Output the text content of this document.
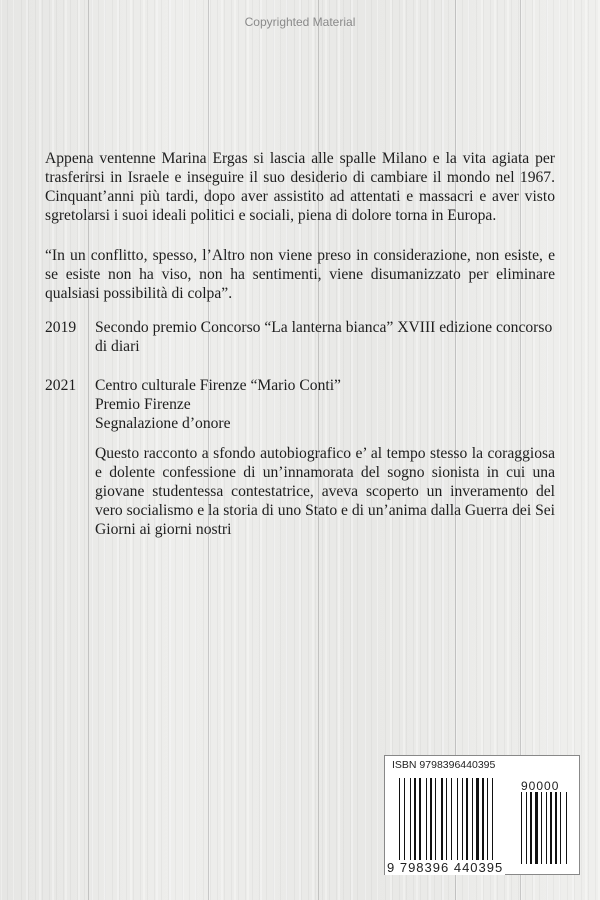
Copyrighted Material
Appena ventenne Marina Ergas si lascia alle spalle Milano e la vita agiata per trasferirsi in Israele e inseguire il suo desiderio di cambiare il mondo nel 1967. Cinquant’anni più tardi, dopo aver assistito ad attentati e massacri e aver visto sgretolarsi i suoi ideali politici e sociali, piena di dolore torna in Europa.
“In un conflitto, spesso, l’Altro non viene preso in considerazione, non esiste, e se esiste non ha viso, non ha sentimenti, viene disumanizzato per eliminare qualsiasi possibilità di colpa”.
2019 Secondo premio Concorso “La lanterna bianca” XVIII edizione concorso di diari
2021 Centro culturale Firenze “Mario Conti”
Premio Firenze
Segnalazione d’onore
Questo racconto a sfondo autobiografico e’ al tempo stesso la coraggiosa e dolente confessione di un’innamorata del sogno sionista in cui una giovane studentessa contestatrice, aveva scoperto un inveramento del vero socialismo e la storia di uno Stato e di un’anima dalla Guerra dei Sei Giorni ai giorni nostri
ISBN 9798396440395
90000
9 798396 440395
